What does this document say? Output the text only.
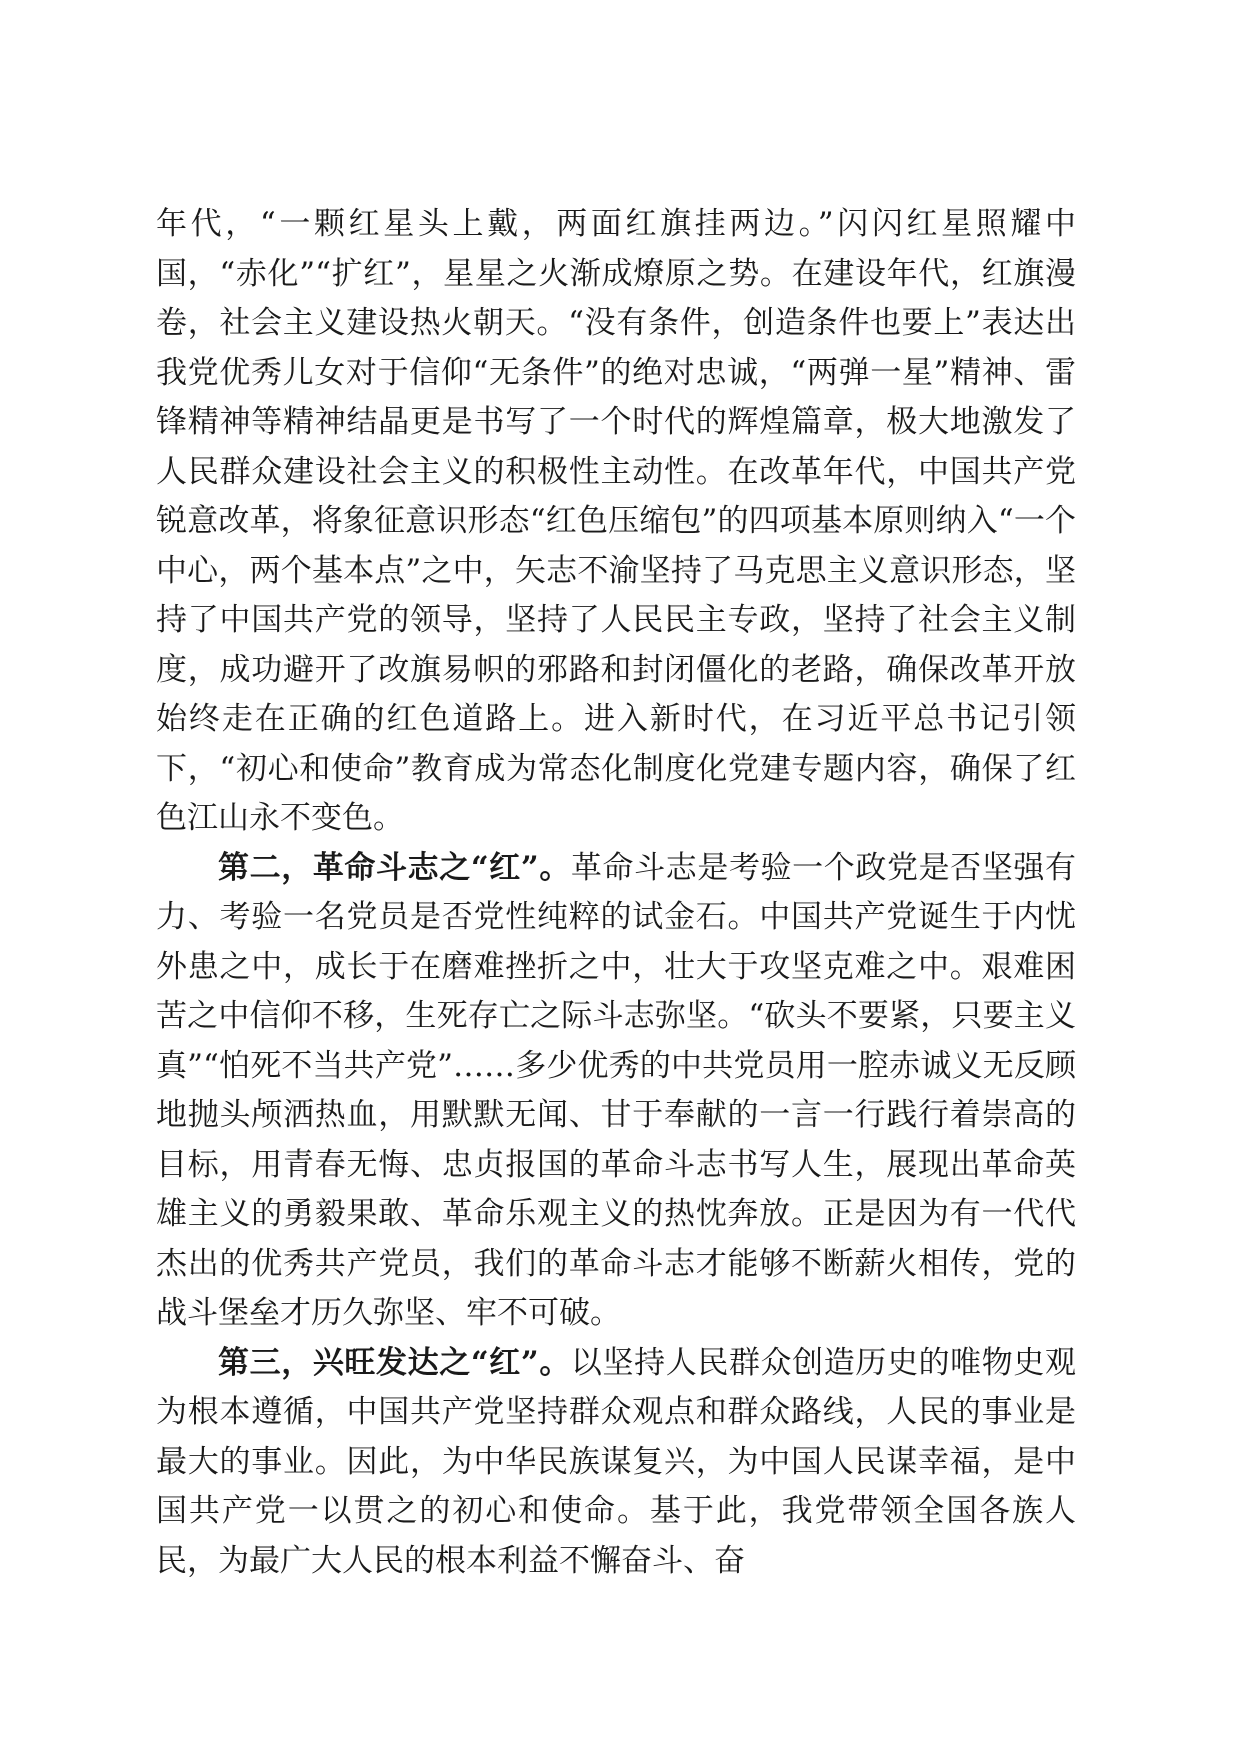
年代，“一颗红星头上戴，两面红旗挂两边。”闪闪红星照耀中国，“赤化”“扩红”，星星之火渐成燎原之势。在建设年代，红旗漫卷，社会主义建设热火朝天。“没有条件，创造条件也要上”表达出我党优秀儿女对于信仰“无条件”的绝对忠诚，“两弹一星”精神、雷锋精神等精神结晶更是书写了一个时代的辉煌篇章，极大地激发了人民群众建设社会主义的积极性主动性。在改革年代，中国共产党锐意改革，将象征意识形态“红色压缩包”的四项基本原则纳入“一个中心，两个基本点”之中，矢志不渝坚持了马克思主义意识形态，坚持了中国共产党的领导，坚持了人民民主专政，坚持了社会主义制度，成功避开了改旗易帜的邪路和封闭僵化的老路，确保改革开放始终走在正确的红色道路上。进入新时代，在习近平总书记引领下，“初心和使命”教育成为常态化制度化党建专题内容，确保了红色江山永不变色。

第二，革命斗志之“红”。革命斗志是考验一个政党是否坚强有力、考验一名党员是否党性纯粹的试金石。中国共产党诞生于内忧外患之中，成长于在磨难挫折之中，壮大于攻坚克难之中。艰难困苦之中信仰不移，生死存亡之际斗志弥坚。“砍头不要紧，只要主义真”“怕死不当共产党”……多少优秀的中共党员用一腔赤诚义无反顾地抛头颅洒热血，用默默无闻、甘于奉献的一言一行践行着崇高的目标，用青春无悔、忠贞报国的革命斗志书写人生，展现出革命英雄主义的勇毅果敢、革命乐观主义的热忱奔放。正是因为有一代代杰出的优秀共产党员，我们的革命斗志才能够不断薪火相传，党的战斗堡垒才历久弥坚、牢不可破。

第三，兴旺发达之“红”。以坚持人民群众创造历史的唯物史观为根本遵循，中国共产党坚持群众观点和群众路线，人民的事业是最大的事业。因此，为中华民族谋复兴，为中国人民谋幸福，是中国共产党一以贯之的初心和使命。基于此，我党带领全国各族人民，为最广大人民的根本利益不懈奋斗、奋
